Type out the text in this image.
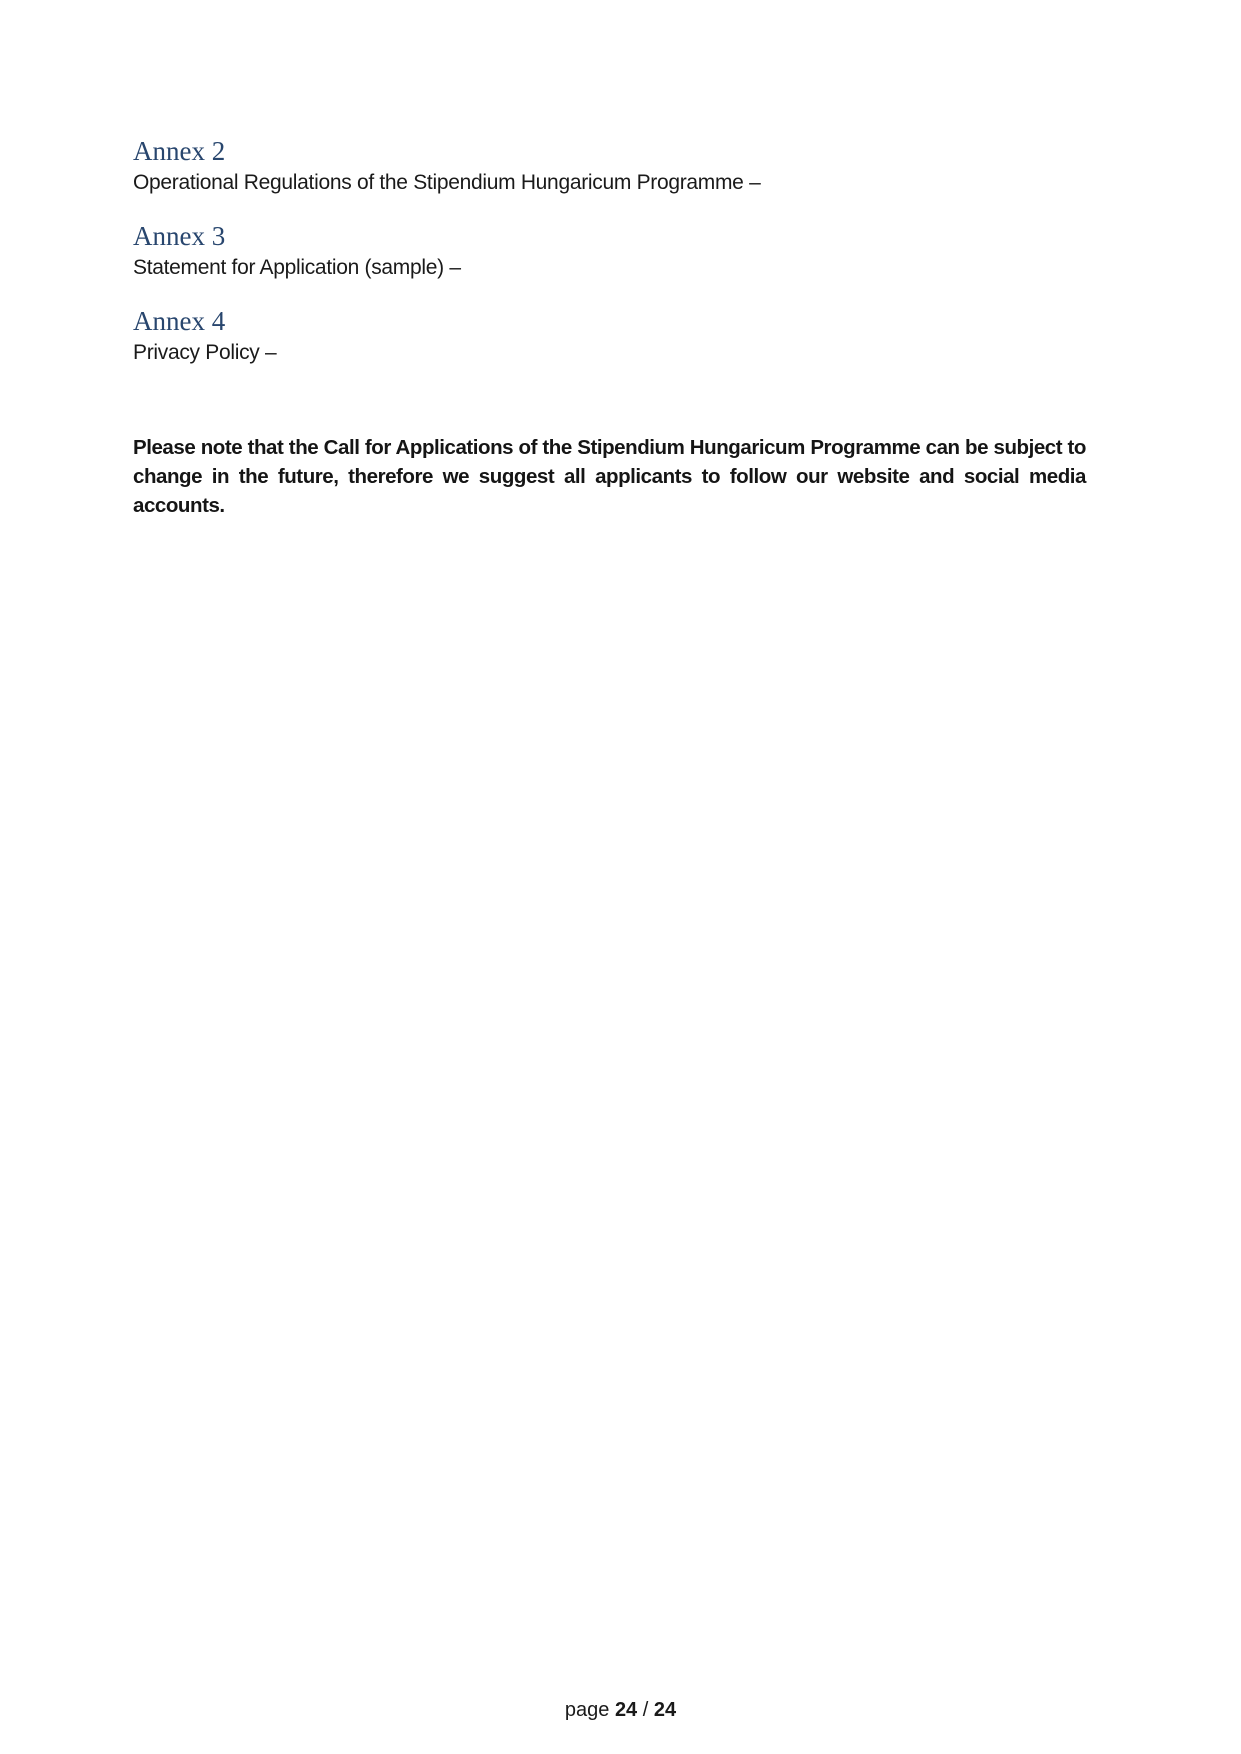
Annex 2

Operational Regulations of the Stipendium Hungaricum Programme –

Annex 3

Statement for Application (sample) –

Annex 4

Privacy Policy –

Please note that the Call for Applications of the Stipendium Hungaricum Programme can be subject to change in the future, therefore we suggest all applicants to follow our website and social media accounts.

page 24 / 24
